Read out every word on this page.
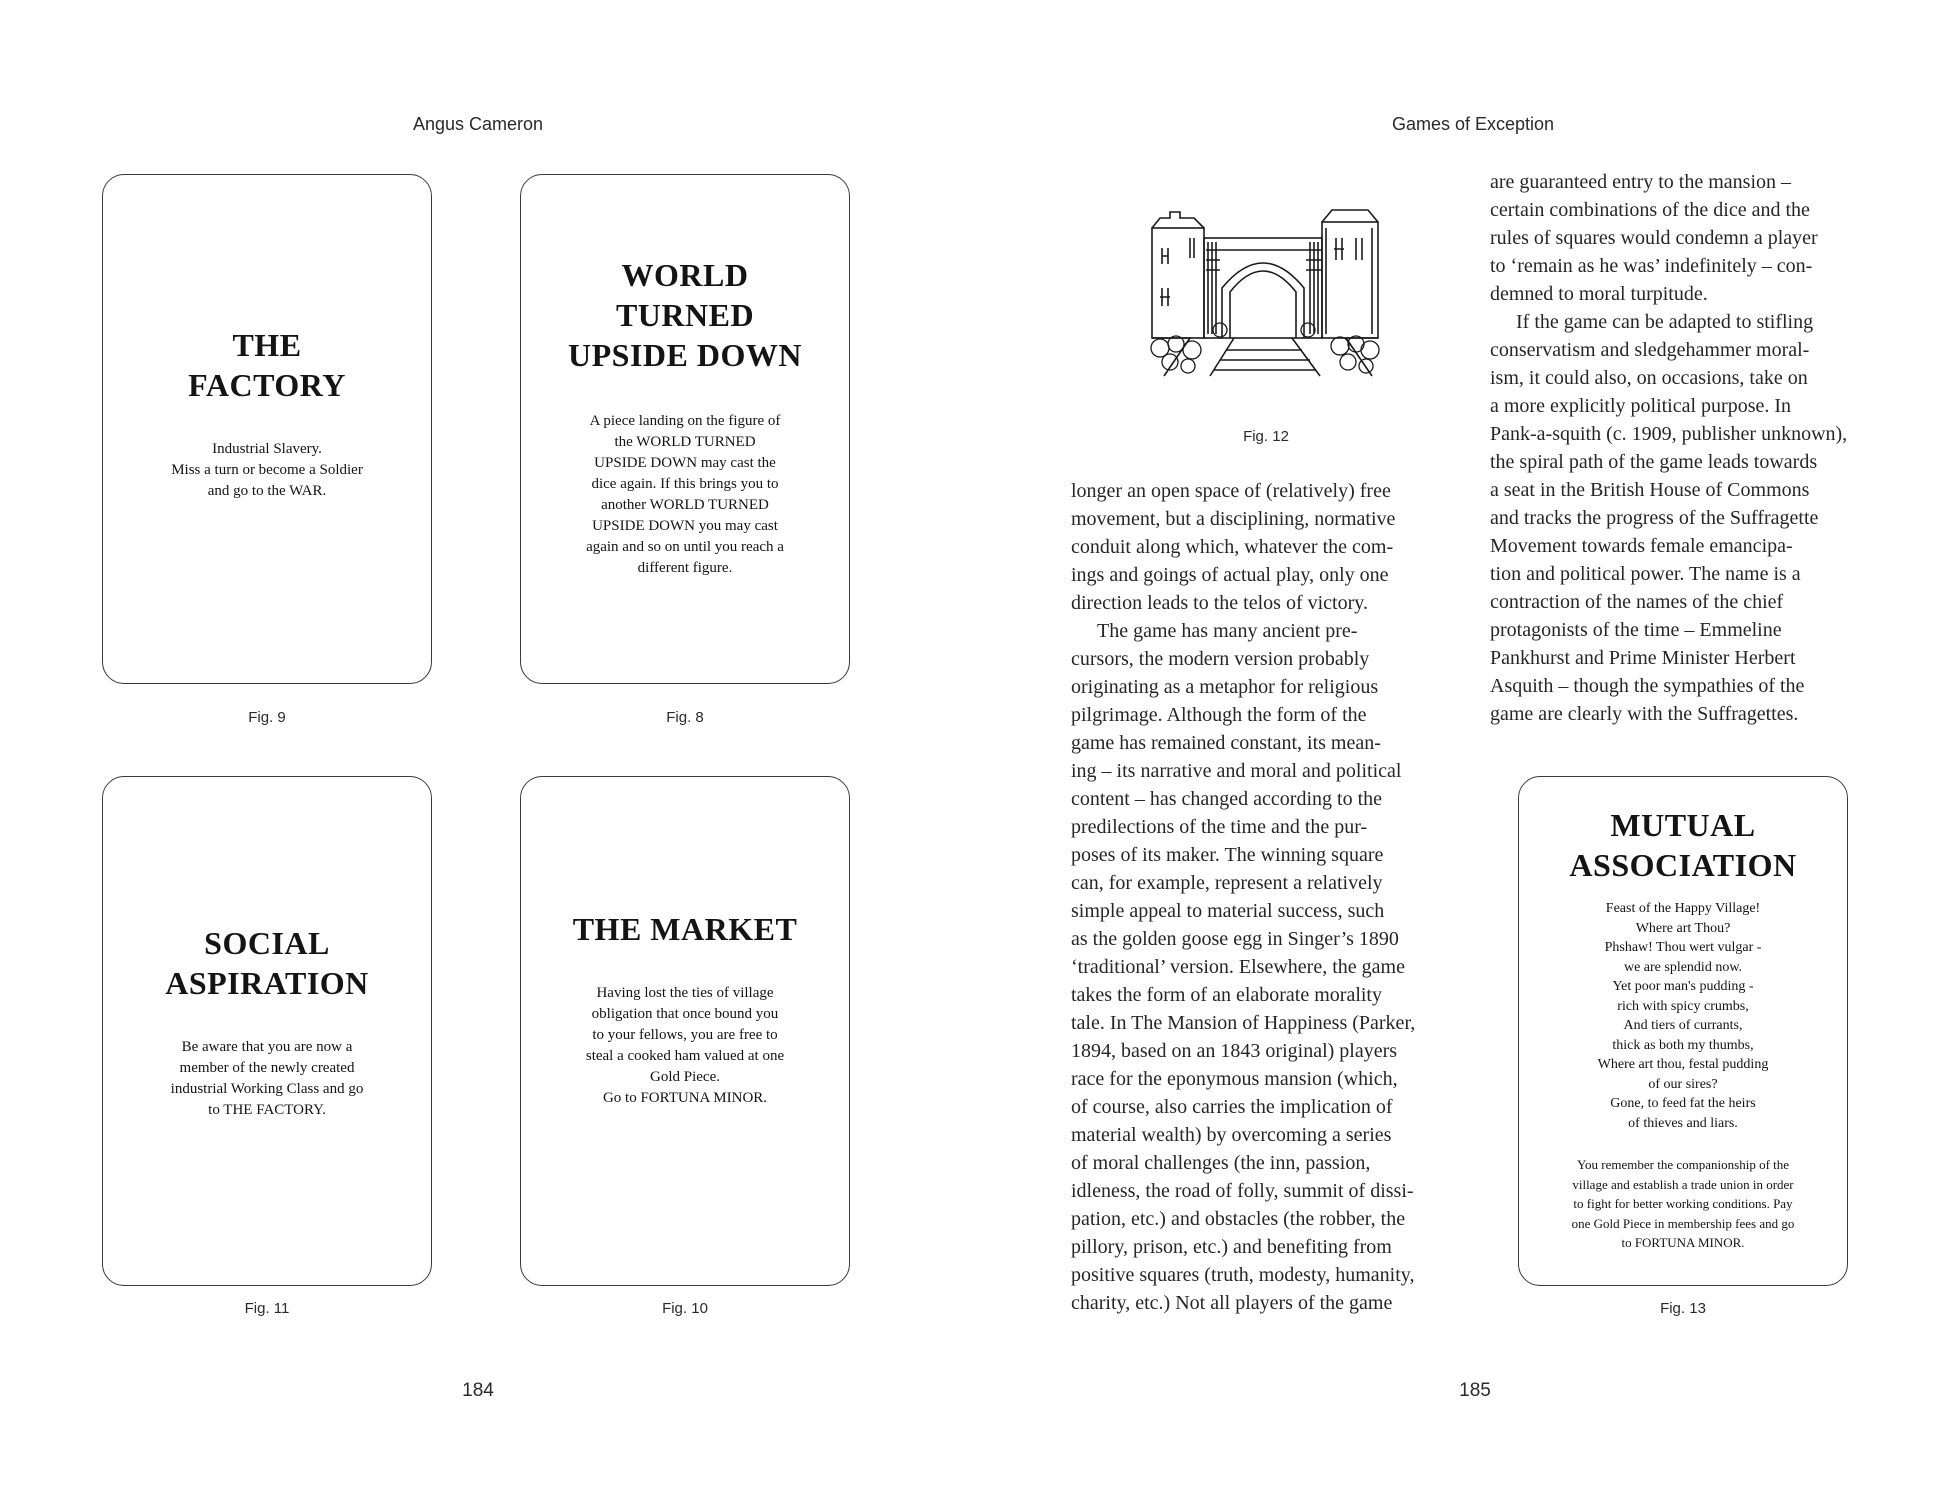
Angus Cameron	Games of Exception
THE
FACTORY
Industrial Slavery.
Miss a turn or become a Soldier
and go to the WAR.
Fig. 9
WORLD
TURNED
UPSIDE DOWN
A piece landing on the figure of
the WORLD TURNED
UPSIDE DOWN may cast the
dice again. If this brings you to
another WORLD TURNED
UPSIDE DOWN you may cast
again and so on until you reach a
different figure.
Fig. 8
SOCIAL
ASPIRATION
Be aware that you are now a
member of the newly created
industrial Working Class and go
to THE FACTORY.
Fig. 11
THE MARKET
Having lost the ties of village
obligation that once bound you
to your fellows, you are free to
steal a cooked ham valued at one
Gold Piece.
Go to FORTUNA MINOR.
Fig. 10
Fig. 12
longer an open space of (relatively) free
movement, but a disciplining, normative
conduit along which, whatever the com-
ings and goings of actual play, only one
direction leads to the telos of victory.
The game has many ancient pre-
cursors, the modern version probably
originating as a metaphor for religious
pilgrimage. Although the form of the
game has remained constant, its mean-
ing – its narrative and moral and political
content – has changed according to the
predilections of the time and the pur-
poses of its maker. The winning square
can, for example, represent a relatively
simple appeal to material success, such
as the golden goose egg in Singer’s 1890
‘traditional’ version. Elsewhere, the game
takes the form of an elaborate morality
tale. In The Mansion of Happiness (Parker,
1894, based on an 1843 original) players
race for the eponymous mansion (which,
of course, also carries the implication of
material wealth) by overcoming a series
of moral challenges (the inn, passion,
idleness, the road of folly, summit of dissi-
pation, etc.) and obstacles (the robber, the
pillory, prison, etc.) and benefiting from
positive squares (truth, modesty, humanity,
charity, etc.) Not all players of the game
are guaranteed entry to the mansion –
certain combinations of the dice and the
rules of squares would condemn a player
to ‘remain as he was’ indefinitely – con-
demned to moral turpitude.
If the game can be adapted to stifling
conservatism and sledgehammer moral-
ism, it could also, on occasions, take on
a more explicitly political purpose. In
Pank-a-squith (c. 1909, publisher unknown),
the spiral path of the game leads towards
a seat in the British House of Commons
and tracks the progress of the Suffragette
Movement towards female emancipa-
tion and political power. The name is a
contraction of the names of the chief
protagonists of the time – Emmeline
Pankhurst and Prime Minister Herbert
Asquith – though the sympathies of the
game are clearly with the Suffragettes.
MUTUAL
ASSOCIATION
Feast of the Happy Village!
Where art Thou?
Phshaw! Thou wert vulgar -
we are splendid now.
Yet poor man's pudding -
rich with spicy crumbs,
And tiers of currants,
thick as both my thumbs,
Where art thou, festal pudding
of our sires?
Gone, to feed fat the heirs
of thieves and liars.
You remember the companionship of the
village and establish a trade union in order
to fight for better working conditions. Pay
one Gold Piece in membership fees and go
to FORTUNA MINOR.
Fig. 13
184	185
